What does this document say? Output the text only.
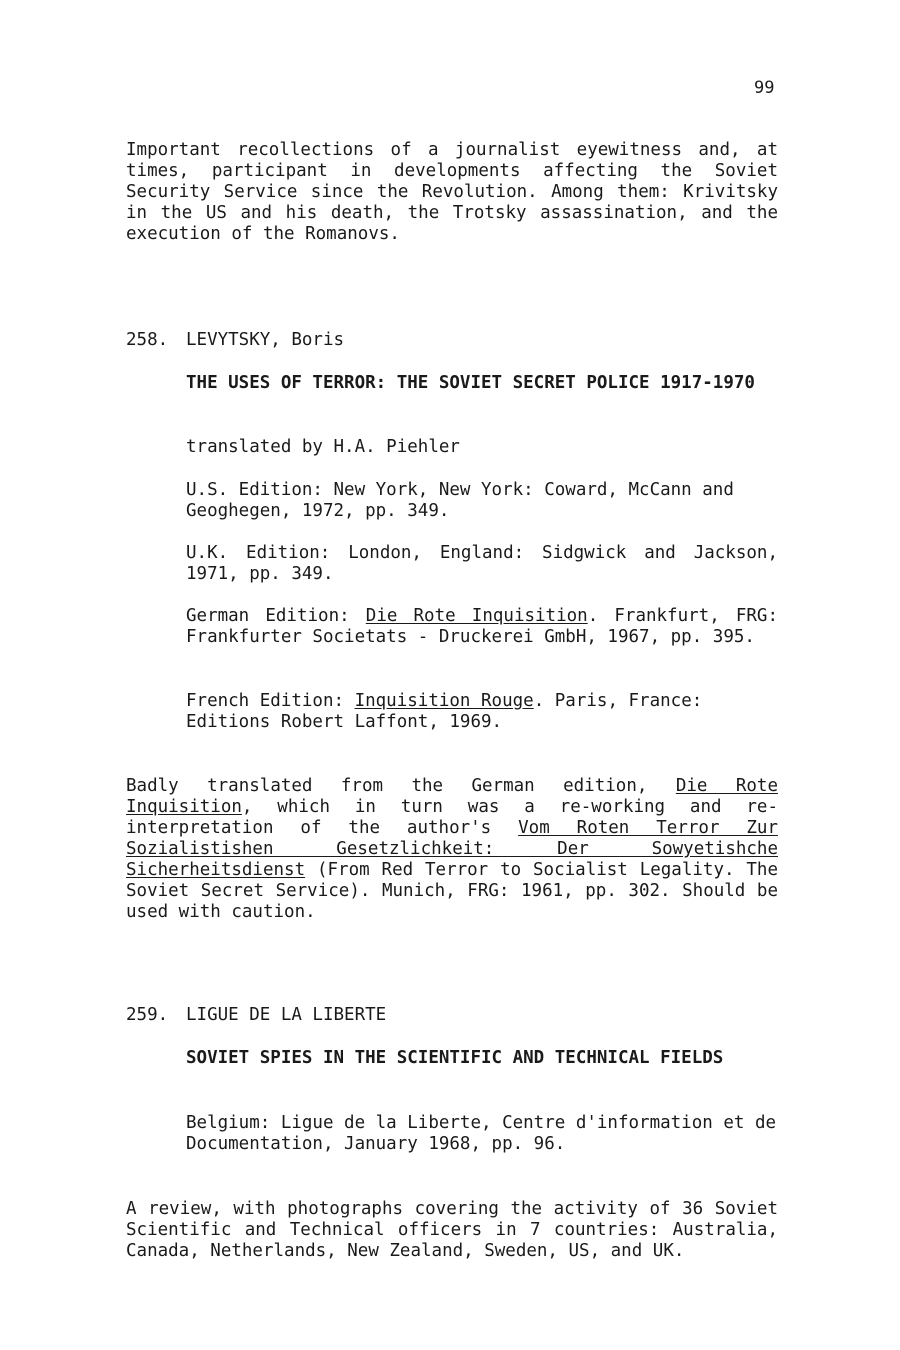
99

Important recollections of a journalist eyewitness and, at times, participant in developments affecting the Soviet Security Service since the Revolution. Among them: Krivitsky in the US and his death, the Trotsky assassination, and the execution of the Romanovs.

258. LEVYTSKY, Boris

THE USES OF TERROR: THE SOVIET SECRET POLICE 1917-1970

translated by H.A. Piehler

U.S. Edition: New York, New York: Coward, McCann and Geoghegen, 1972, pp. 349.

U.K. Edition: London, England: Sidgwick and Jackson, 1971, pp. 349.

German Edition: Die Rote Inquisition. Frankfurt, FRG: Frankfurter Societats - Druckerei GmbH, 1967, pp. 395.

French Edition: Inquisition Rouge. Paris, France: Editions Robert Laffont, 1969.

Badly translated from the German edition, Die Rote Inquisition, which in turn was a re-working and re-interpretation of the author's Vom Roten Terror Zur Sozialistishen Gesetzlichkeit: Der Sowyetishche Sicherheitsdienst (From Red Terror to Socialist Legality. The Soviet Secret Service). Munich, FRG: 1961, pp. 302. Should be used with caution.

259. LIGUE DE LA LIBERTE

SOVIET SPIES IN THE SCIENTIFIC AND TECHNICAL FIELDS

Belgium: Ligue de la Liberte, Centre d'information et de Documentation, January 1968, pp. 96.

A review, with photographs covering the activity of 36 Soviet Scientific and Technical officers in 7 countries: Australia, Canada, Netherlands, New Zealand, Sweden, US, and UK.
